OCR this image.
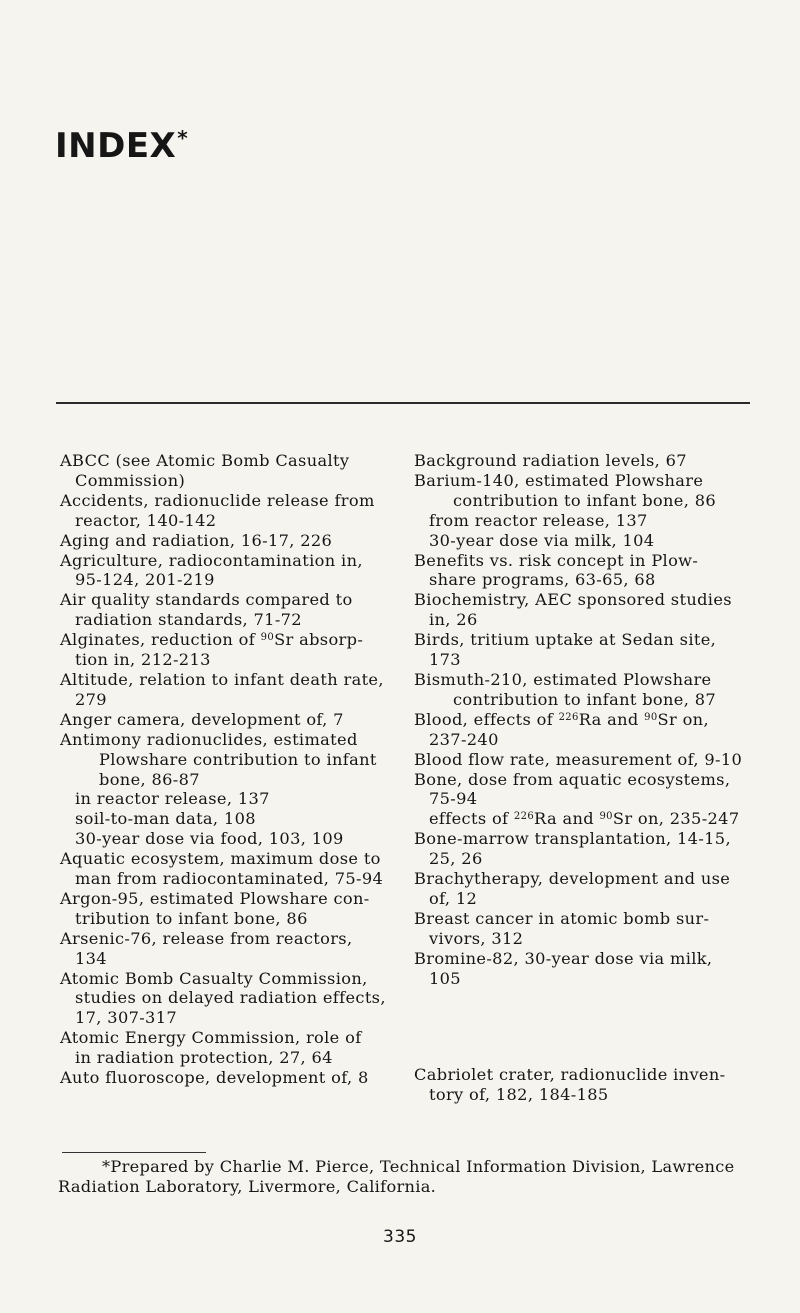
INDEX*
ABCC (see Atomic Bomb Casualty
Commission)
Accidents, radionuclide release from
reactor, 140-142
Aging and radiation, 16-17, 226
Agriculture, radiocontamination in,
95-124, 201-219
Air quality standards compared to
radiation standards, 71-72
Alginates, reduction of $^{90}$Sr absorp-
tion in, 212-213
Altitude, relation to infant death rate,
279
Anger camera, development of, 7
Antimony radionuclides, estimated
Plowshare contribution to infant
bone, 86-87
in reactor release, 137
soil-to-man data, 108
30-year dose via food, 103, 109
Aquatic ecosystem, maximum dose to
man from radiocontaminated, 75-94
Argon-95, estimated Plowshare con-
tribution to infant bone, 86
Arsenic-76, release from reactors,
134
Atomic Bomb Casualty Commission,
studies on delayed radiation effects,
17, 307-317
Atomic Energy Commission, role of
in radiation protection, 27, 64
Auto fluoroscope, development of, 8
Background radiation levels, 67
Barium-140, estimated Plowshare
contribution to infant bone, 86
from reactor release, 137
30-year dose via milk, 104
Benefits vs. risk concept in Plow-
share programs, 63-65, 68
Biochemistry, AEC sponsored studies
in, 26
Birds, tritium uptake at Sedan site,
173
Bismuth-210, estimated Plowshare
contribution to infant bone, 87
Blood, effects of $^{226}$Ra and $^{90}$Sr on,
237-240
Blood flow rate, measurement of, 9-10
Bone, dose from aquatic ecosystems,
75-94
effects of $^{226}$Ra and $^{90}$Sr on, 235-247
Bone-marrow transplantation, 14-15,
25, 26
Brachytherapy, development and use
of, 12
Breast cancer in atomic bomb sur-
vivors, 312
Bromine-82, 30-year dose via milk,
105
Cabriolet crater, radionuclide inven-
tory of, 182, 184-185
*Prepared by Charlie M. Pierce, Technical Information Division, Lawrence
Radiation Laboratory, Livermore, California.
335
